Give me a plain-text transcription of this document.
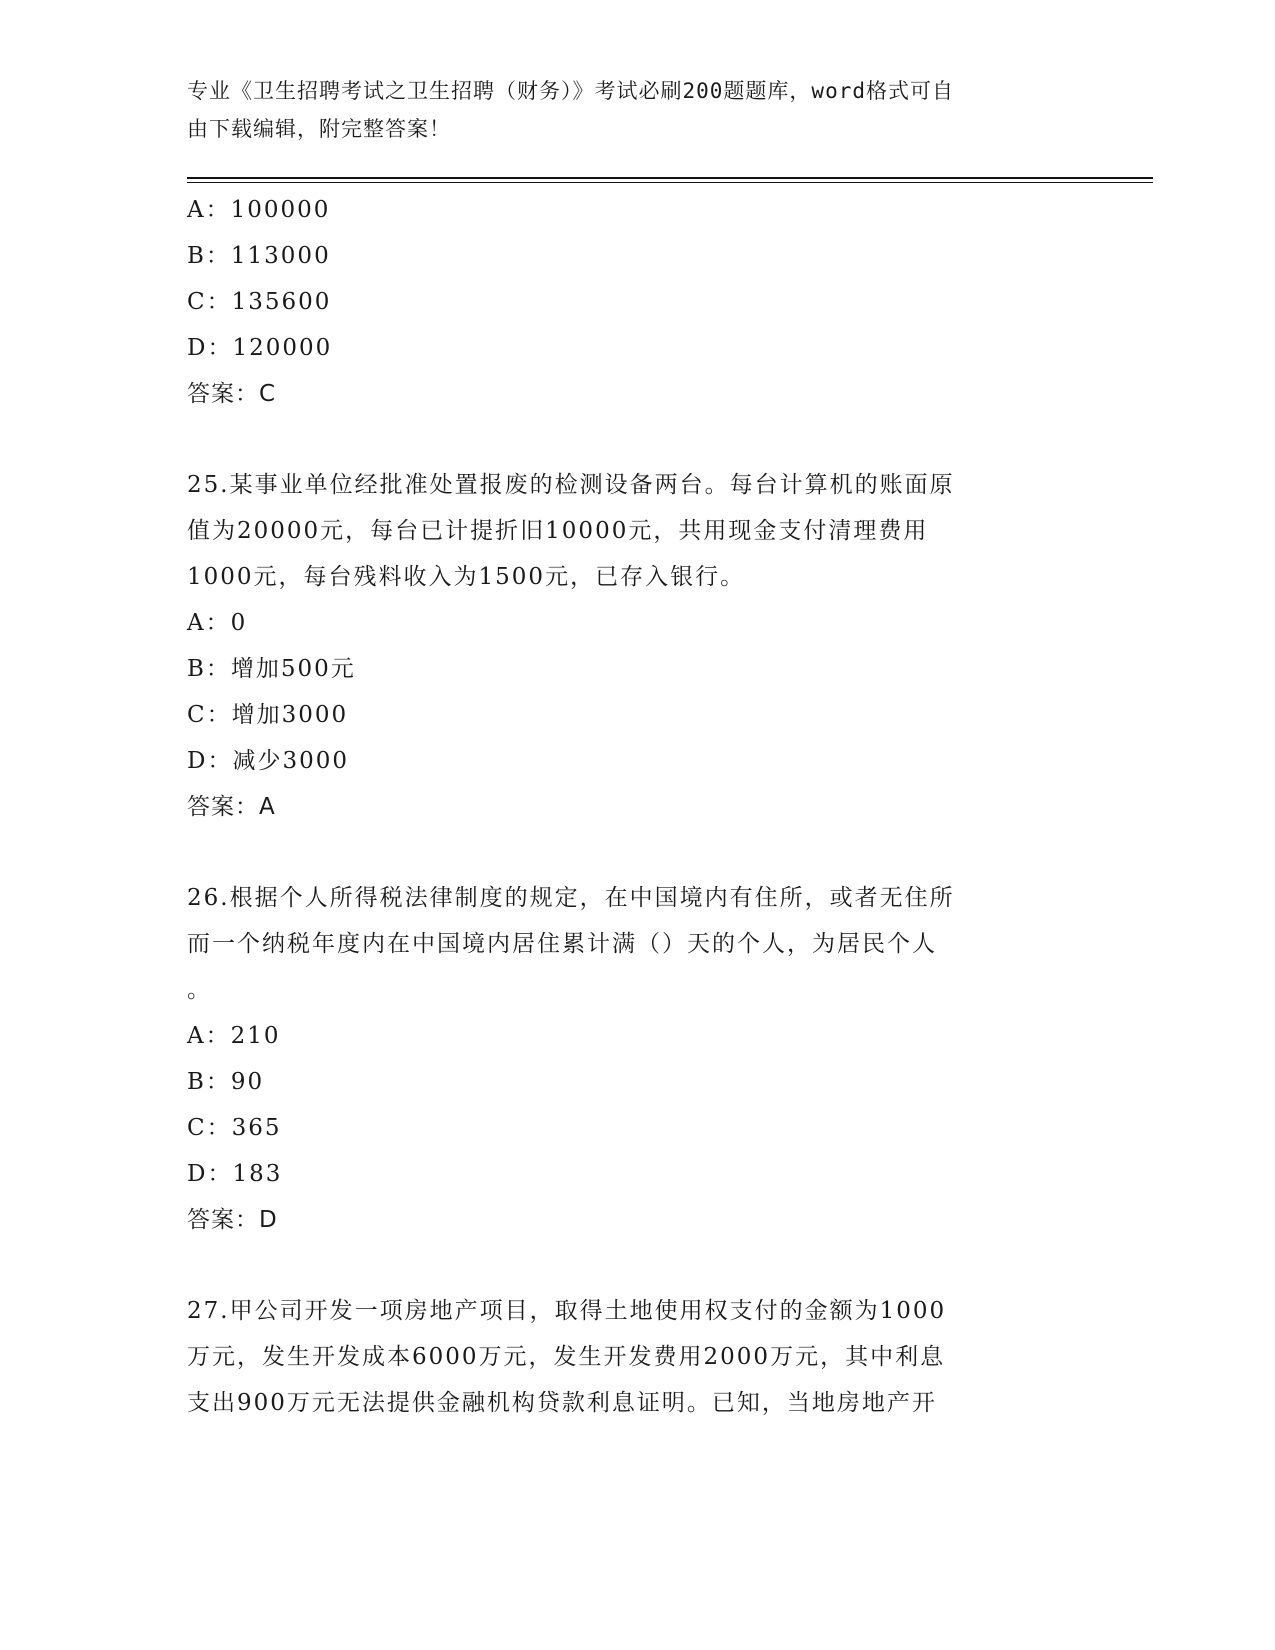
专业《卫生招聘考试之卫生招聘（财务）》考试必刷200题题库，word格式可自
由下载编辑，附完整答案！
A：100000
B：113000
C：135600
D：120000
答案：C
25.某事业单位经批准处置报废的检测设备两台。每台计算机的账面原
值为20000元，每台已计提折旧10000元，共用现金支付清理费用
1000元，每台残料收入为1500元，已存入银行。
A：0
B：增加500元
C：增加3000
D：减少3000
答案：A
26.根据个人所得税法律制度的规定，在中国境内有住所，或者无住所
而一个纳税年度内在中国境内居住累计满（）天的个人，为居民个人
。
A：210
B：90
C：365
D：183
答案：D
27.甲公司开发一项房地产项目，取得土地使用权支付的金额为1000
万元，发生开发成本6000万元，发生开发费用2000万元，其中利息
支出900万元无法提供金融机构贷款利息证明。已知，当地房地产开
